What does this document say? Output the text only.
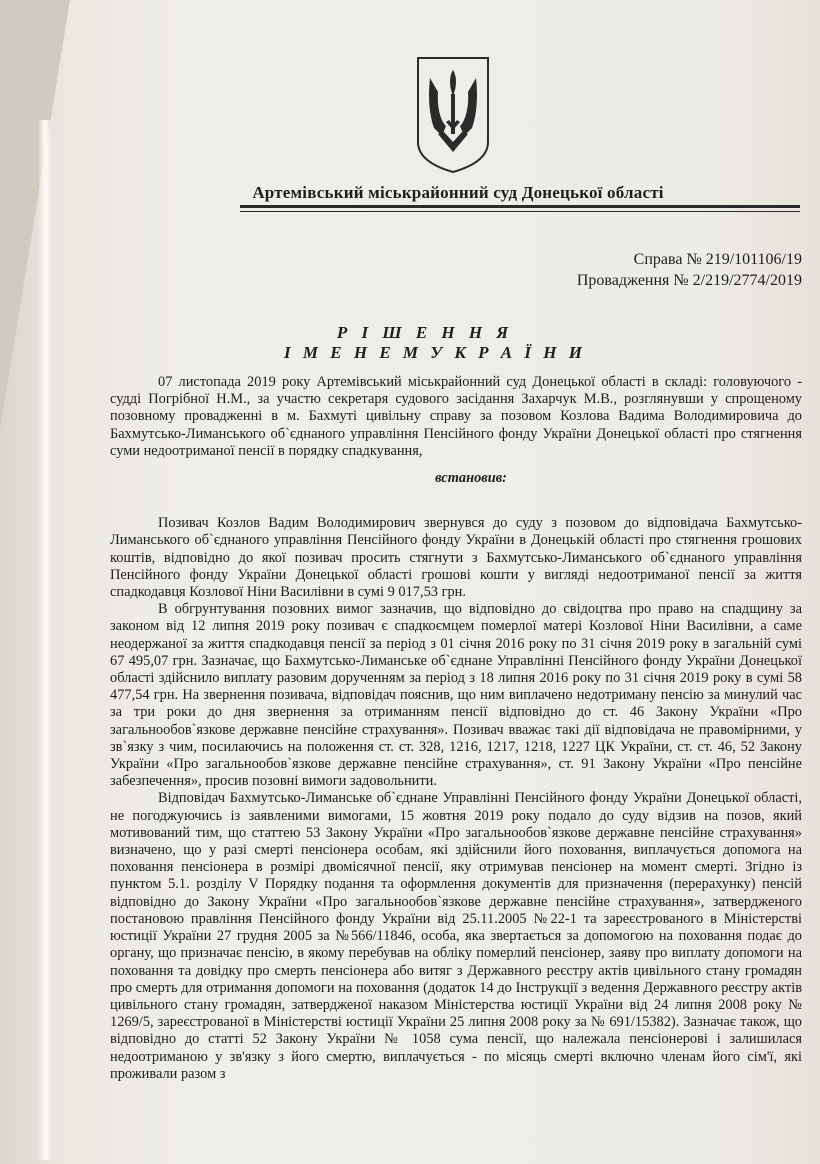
Артемівський міськрайонний суд Донецької області
Справа № 219/101106/19
Провадження № 2/219/2774/2019
Р І Ш Е Н Н Я
І М Е Н Е М У К Р А Ї Н И

07 листопада 2019 року Артемівський міськрайонний суд Донецької області в складі: головуючого - судді Погрібної Н.М., за участю секретаря судового засідання Захарчук М.В., розглянувши у спрощеному позовному провадженні в м. Бахмуті цивільну справу за позовом Козлова Вадима Володимировича до Бахмутсько-Лиманського об`єднаного управління Пенсійного фонду України Донецької області про стягнення суми недоотриманої пенсії в порядку спадкування,

встановив:

Позивач Козлов Вадим Володимирович звернувся до суду з позовом до відповідача Бахмутсько-Лиманського об`єднаного управління Пенсійного фонду України в Донецькій області про стягнення грошових коштів, відповідно до якої позивач просить стягнути з Бахмутсько-Лиманського об`єднаного управління Пенсійного фонду України Донецької області грошові кошти у вигляді недоотриманої пенсії за життя спадкодавця Козлової Ніни Василівни в сумі 9 017,53 грн.

В обгрунтування позовних вимог зазначив, що відповідно до свідоцтва про право на спадщину за законом від 12 липня 2019 року позивач є спадкоємцем померлої матері Козлової Ніни Василівни, а саме неодержаної за життя спадкодавця пенсії за період з 01 січня 2016 року по 31 січня 2019 року в загальній сумі 67 495,07 грн. Зазначає, що Бахмутсько-Лиманське об`єднане Управлінні Пенсійного фонду України Донецької області здійснило виплату разовим дорученням за період з 18 липня 2016 року по 31 січня 2019 року в сумі 58 477,54 грн. На звернення позивача, відповідач пояснив, що ним виплачено недотриману пенсію за минулий час за три роки до дня звернення за отриманням пенсії відповідно до ст. 46 Закону України «Про загальнообов`язкове державне пенсійне страхування». Позивач вважає такі дії відповідача не правомірними, у зв`язку з чим, посилаючись на положення ст. ст. 328, 1216, 1217, 1218, 1227 ЦК України, ст. ст. 46, 52 Закону України «Про загальнообов`язкове державне пенсійне страхування», ст. 91 Закону України «Про пенсійне забезпечення», просив позовні вимоги задовольнити.

Відповідач Бахмутсько-Лиманське об`єднане Управлінні Пенсійного фонду України Донецької області, не погоджуючись із заявленими вимогами, 15 жовтня 2019 року подало до суду відзив на позов, який мотивований тим, що статтею 53 Закону України «Про загальнообов`язкове державне пенсійне страхування» визначено, що у разі смерті пенсіонера особам, які здійснили його поховання, виплачується допомога на поховання пенсіонера в розмірі двомісячної пенсії, яку отримував пенсіонер на момент смерті. Згідно із пунктом 5.1. розділу V Порядку подання та оформлення документів для призначення (перерахунку) пенсій відповідно до Закону України «Про загальнообов`язкове державне пенсійне страхування», затвердженого постановою правління Пенсійного фонду України від 25.11.2005 №22-1 та зареєстрованого в Міністерстві юстиції України 27 грудня 2005 за №566/11846, особа, яка звертається за допомогою на поховання подає до органу, що призначає пенсію, в якому перебував на обліку померлий пенсіонер, заяву про виплату допомоги на поховання та довідку про смерть пенсіонера або витяг з Державного реєстру актів цивільного стану громадян про смерть для отримання допомоги на поховання (додаток 14 до Інструкції з ведення Державного реєстру актів цивільного стану громадян, затвердженої наказом Міністерства юстиції України від 24 липня 2008 року № 1269/5, зареєстрованої в Міністерстві юстиції України 25 липня 2008 року за № 691/15382). Зазначає також, що відповідно до статті 52 Закону України № 1058 сума пенсії, що належала пенсіонерові і залишилася недоотриманою у зв'язку з його смертю, виплачується - по місяць смерті включно членам його сім'ї, які проживали разом з
